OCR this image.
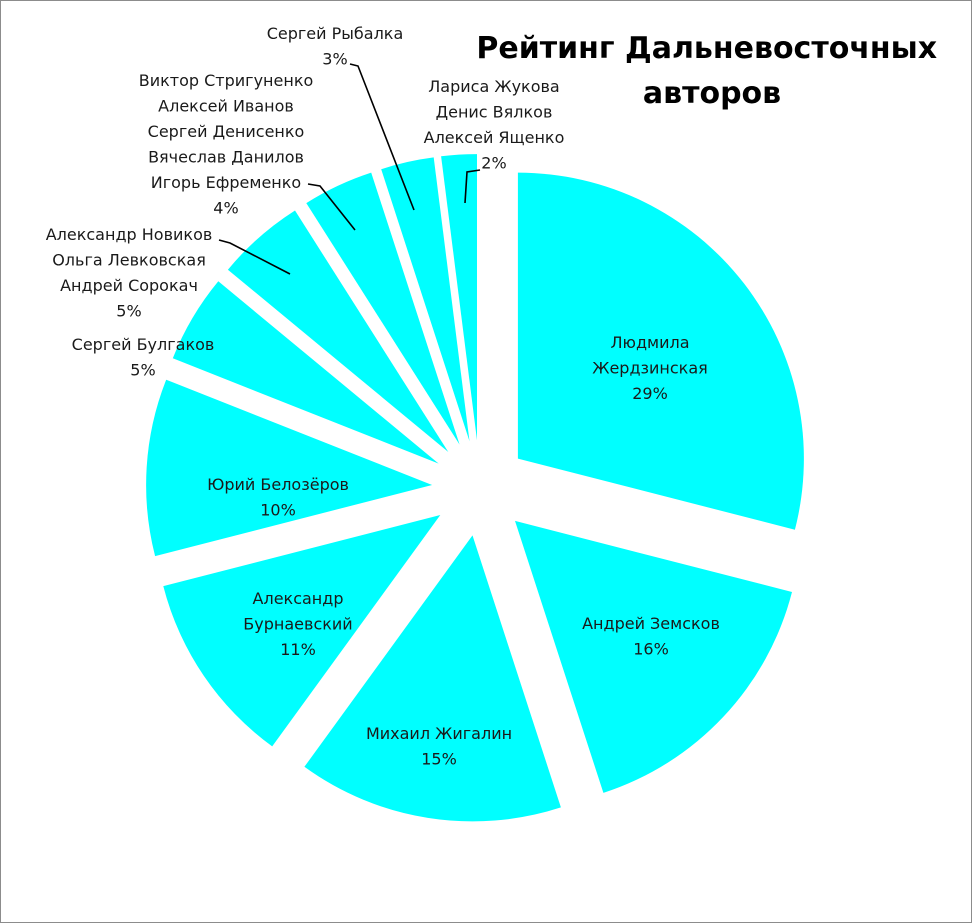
Рейтинг Дальневосточных авторов
Людмила Жердзинская 29%
Андрей Земсков 16%
Михаил Жигалин 15%
Александр Бурнаевский 11%
Юрий Белозёров 10%
Сергей Булгаков 5%
Александр Новиков Ольга Левковская Андрей Сорокач 5%
Виктор Стригуненко Алексей Иванов Сергей Денисенко Вячеслав Данилов Игорь Ефременко 4%
Сергей Рыбалка 3%
Лариса Жукова Денис Вялков Алексей Ященко 2%
